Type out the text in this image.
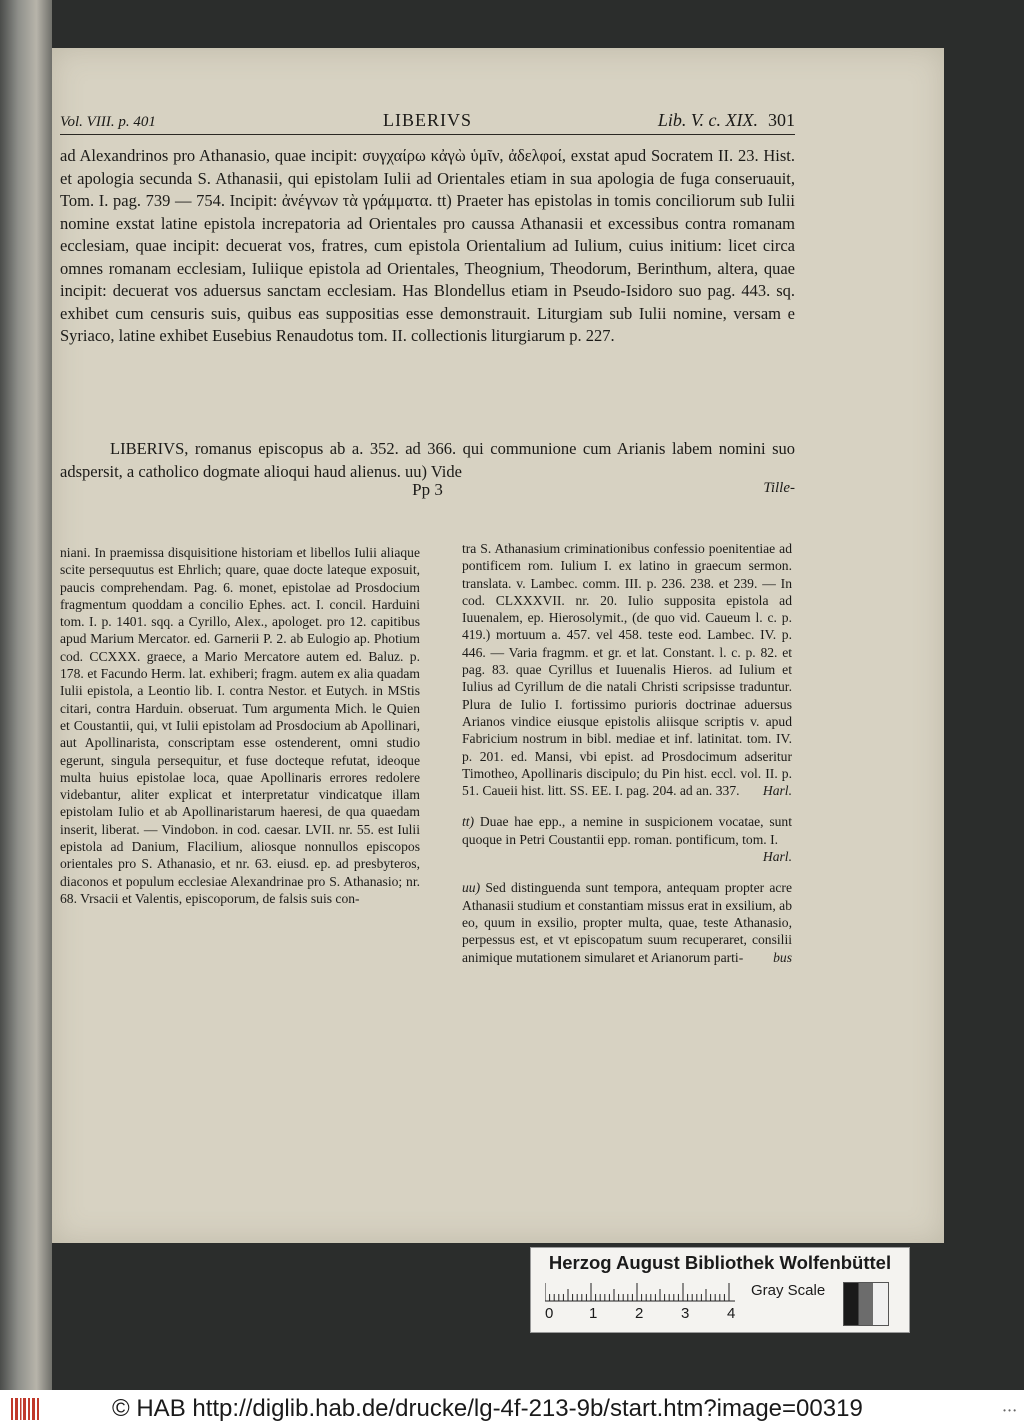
Vol. VIII. p. 401	LIBERIVS	Lib. V. c. XIX. 301
ad Alexandrinos pro Athanasio, quae incipit: συγχαίρω κἀγὼ ὑμῖν, ἀδελφοί, exstat apud Socratem II. 23. Hist. et apologia secunda S. Athanasii, qui epistolam Iulii ad Orientales etiam in sua apologia de fuga conseruauit, Tom. I. pag. 739 — 754. Incipit: ἀνέγνων τὰ γράμματα. tt) Praeter has epistolas in tomis conciliorum sub Iulii nomine exstat latine epistola increpatoria ad Orientales pro caussa Athanasii et excessibus contra romanam ecclesiam, quae incipit: decuerat vos, fratres, cum epistola Orientalium ad Iulium, cuius initium: licet circa omnes romanam ecclesiam, Iuliique epistola ad Orientales, Theognium, Theodorum, Berinthum, altera, quae incipit: decuerat vos aduersus sanctam ecclesiam. Has Blondellus etiam in Pseudo-Isidoro suo pag. 443. sq. exhibet cum censuris suis, quibus eas suppositias esse demonstrauit. Liturgiam sub Iulii nomine, versam e Syriaco, latine exhibet Eusebius Renaudotus tom. II. collectionis liturgiarum p. 227.
LIBERIVS, romanus episcopus ab a. 352. ad 366. qui communione cum Arianis labem nomini suo adspersit, a catholico dogmate alioqui haud alienus. uu) Vide
Pp 3	Tille-
niani. In praemissa disquisitione historiam et libellos Iulii aliaque scite persequutus est Ehrlich; quare, quae docte lateque exposuit, paucis comprehendam. Pag. 6. monet, epistolae ad Prosdocium fragmentum quoddam a concilio Ephes. act. I. concil. Harduini tom. I. p. 1401. sqq. a Cyrillo, Alex., apologet. pro 12. capitibus apud Marium Mercator. ed. Garnerii P. 2. ab Eulogio ap. Photium cod. CCXXX. graece, a Mario Mercatore autem ed. Baluz. p. 178. et Facundo Herm. lat. exhiberi; fragm. autem ex alia quadam Iulii epistola, a Leontio lib. I. contra Nestor. et Eutych. in MStis citari, contra Harduin. obseruat. Tum argumenta Mich. le Quien et Coustantii, qui, vt Iulii epistolam ad Prosdocium ab Apollinari, aut Apollinarista, conscriptam esse ostenderent, omni studio egerunt, singula persequitur, et fuse docteque refutat, ideoque multa huius epistolae loca, quae Apollinaris errores redolere videbantur, aliter explicat et interpretatur vindicatque illam epistolam Iulio et ab Apollinaristarum haeresi, de qua quaedam inserit, liberat. — Vindobon. in cod. caesar. LVII. nr. 55. est Iulii epistola ad Danium, Flacilium, aliosque nonnullos episcopos orientales pro S. Athanasio, et nr. 63. eiusd. ep. ad presbyteros, diaconos et populum ecclesiae Alexandrinae pro S. Athanasio; nr. 68. Vrsacii et Valentis, episcoporum, de falsis suis con-
tra S. Athanasium criminationibus confessio poenitentiae ad pontificem rom. Iulium I. ex latino in graecum sermon. translata. v. Lambec. comm. III. p. 236. 238. et 239. — In cod. CLXXXVII. nr. 20. Iulio supposita epistola ad Iuuenalem, ep. Hierosolymit., (de quo vid. Caueum l. c. p. 419.) mortuum a. 457. vel 458. teste eod. Lambec. IV. p. 446. — Varia fragmm. et gr. et lat. Constant. l. c. p. 82. et pag. 83. quae Cyrillus et Iuuenalis Hieros. ad Iulium et Iulius ad Cyrillum de die natali Christi scripsisse traduntur. Plura de Iulio I. fortissimo purioris doctrinae aduersus Arianos vindice eiusque epistolis aliisque scriptis v. apud Fabricium nostrum in bibl. mediae et inf. latinitat. tom. IV. p. 201. ed. Mansi, vbi epist. ad Prosdocimum adseritur Timotheo, Apollinaris discipulo; du Pin hist. eccl. vol. II. p. 51. Caueii hist. litt. SS. EE. I. pag. 204. ad an. 337. Harl.
tt) Duae hae epp., a nemine in suspicionem vocatae, sunt quoque in Petri Coustantii epp. roman. pontificum, tom. I.
Harl.
uu) Sed distinguenda sunt tempora, antequam propter acre Athanasii studium et constantiam missus erat in exsilium, ab eo, quum in exsilio, propter multa, quae, teste Athanasio, perpessus est, et vt episcopatum suum recuperaret, consilii animique mutationem simularet et Arianorum parti- bus
Herzog August Bibliothek Wolfenbüttel
0 1	2	3	4
Gray Scale
© HAB http://diglib.hab.de/drucke/lg-4f-213-9b/start.htm?image=00319	• • •
